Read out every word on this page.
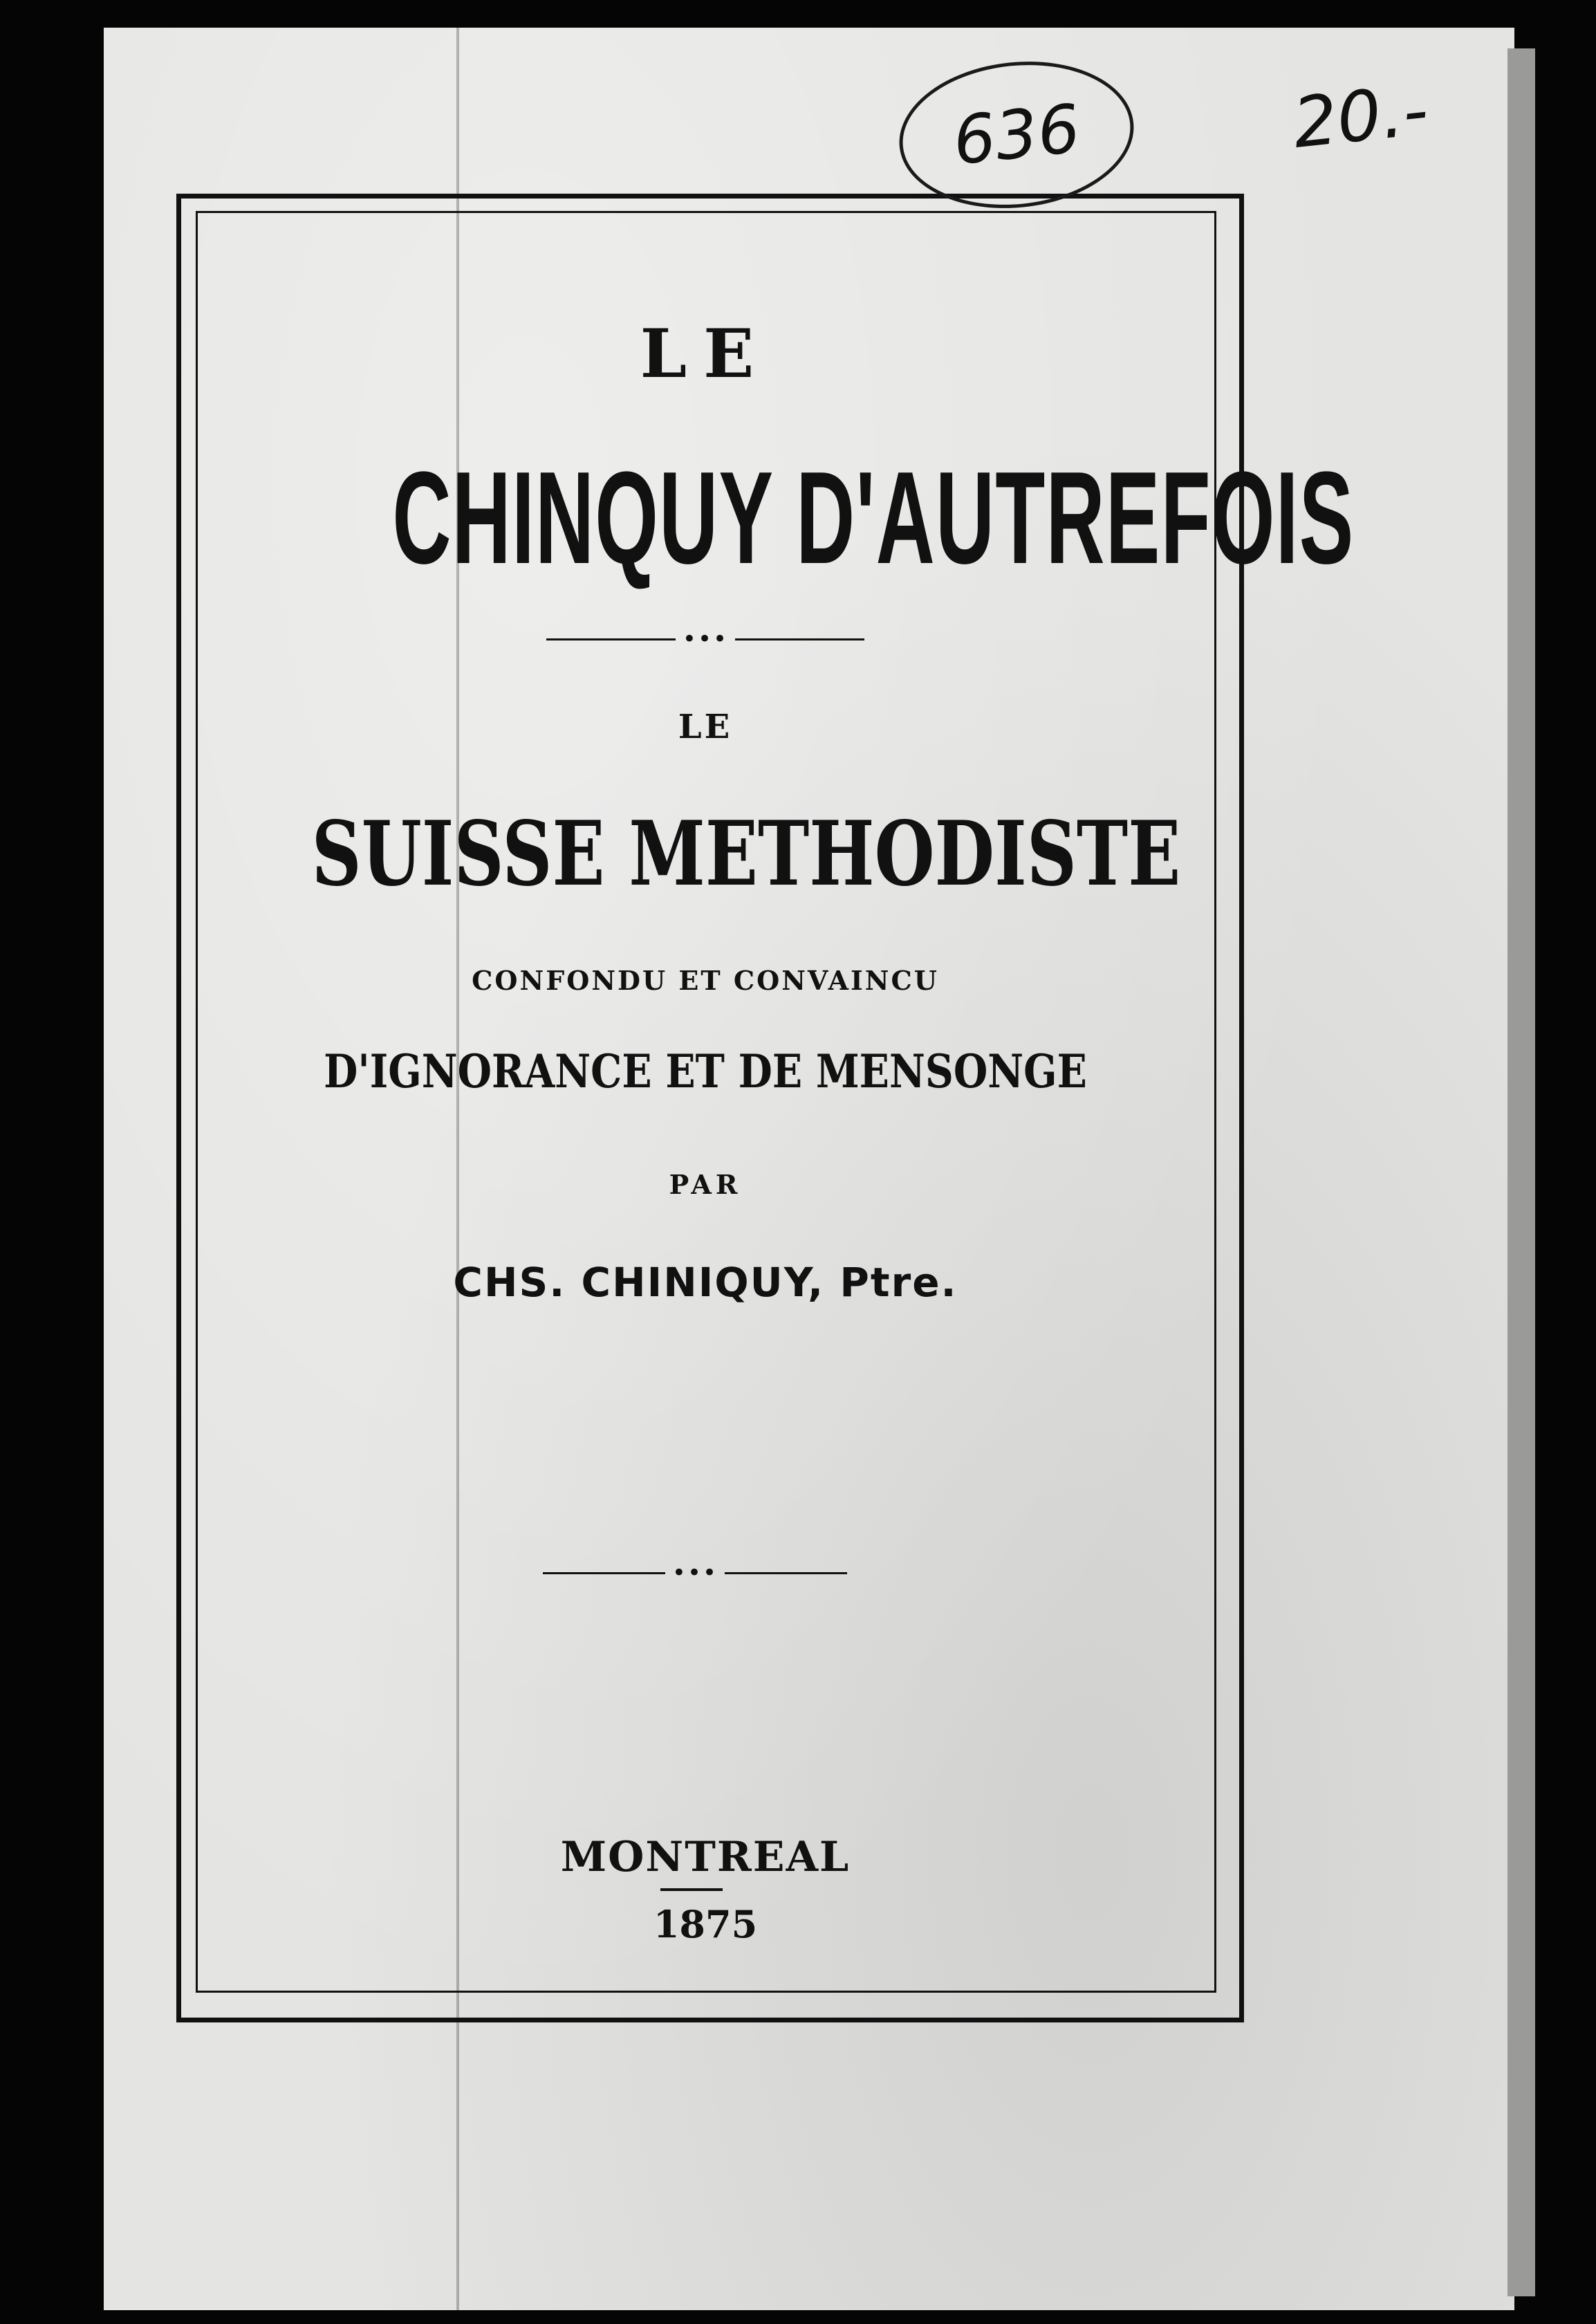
636	20.-
LE
CHINQUY D'AUTREFOIS
•••
LE
SUISSE METHODISTE
CONFONDU ET CONVAINCU
D'IGNORANCE ET DE MENSONGE
PAR
CHS. CHINIQUY, Ptre.
•••
MONTREAL
1875
